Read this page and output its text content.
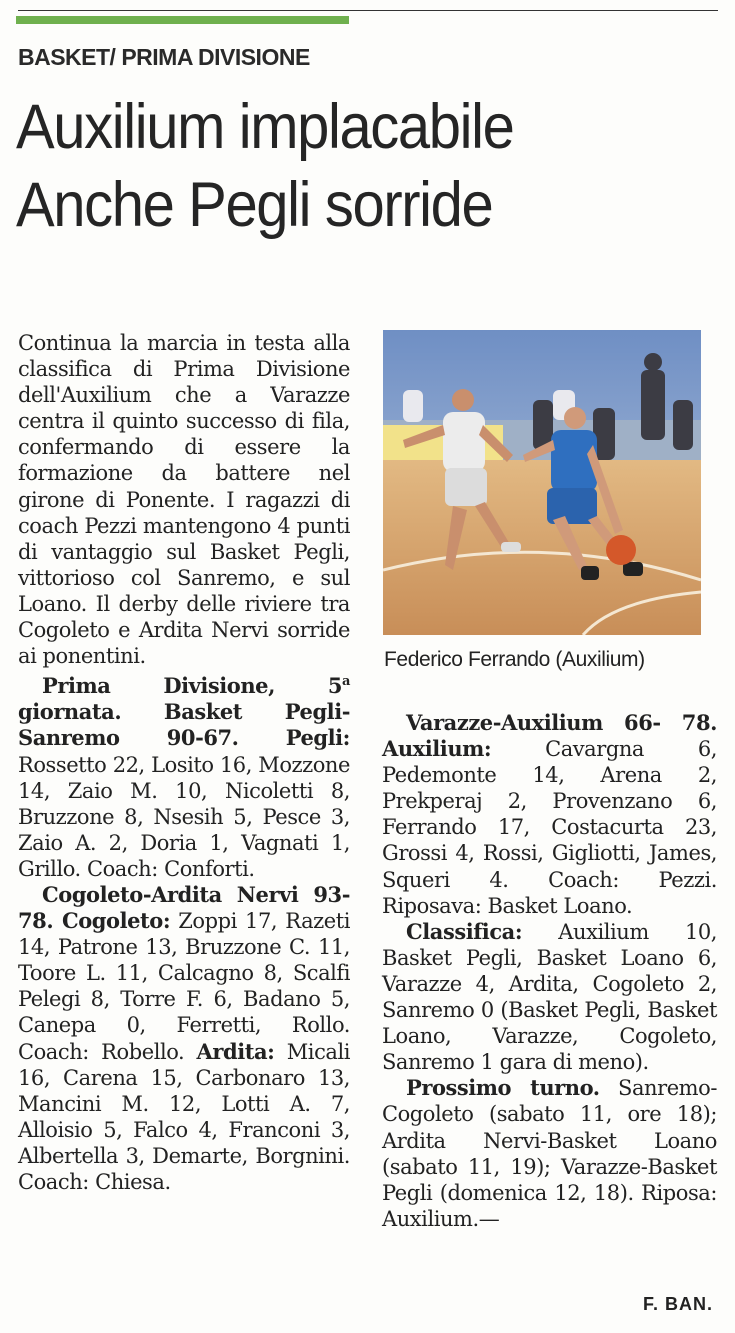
BASKET/ PRIMA DIVISIONE
Auxilium implacabile
Anche Pegli sorride

Continua la marcia in testa alla classifica di Prima Divisione dell'Auxilium che a Varazze centra il quinto successo di fila, confermando di essere la formazione da battere nel girone di Ponente. I ragazzi di coach Pezzi mantengono 4 punti di vantaggio sul Basket Pegli, vittorioso col Sanremo, e sul Loano. Il derby delle riviere tra Cogoleto e Ardita Nervi sorride ai ponentini.

Prima Divisione, 5$^a$ giornata. Basket Pegli-Sanremo 90-67. Pegli: Rossetto 22, Losito 16, Mozzone 14, Zaio M. 10, Nicoletti 8, Bruzzone 8, Nsesih 5, Pesce 3, Zaio A. 2, Doria 1, Vagnati 1, Grillo. Coach: Conforti.

Cogoleto-Ardita Nervi 93-78. Cogoleto: Zoppi 17, Razeti 14, Patrone 13, Bruzzone C. 11, Toore L. 11, Calcagno 8, Scalfi Pelegi 8, Torre F. 6, Badano 5, Canepa 0, Ferretti, Rollo. Coach: Robello. Ardita: Micali 16, Carena 15, Carbonaro 13, Mancini M. 12, Lotti A. 7, Alloisio 5, Falco 4, Franconi 3, Albertella 3, Demarte, Borgnini. Coach: Chiesa.

Federico Ferrando (Auxilium)

Varazze-Auxilium 66- 78. Auxilium: Cavargna 6, Pedemonte 14, Arena 2, Prekperaj 2, Provenzano 6, Ferrando 17, Costacurta 23, Grossi 4, Rossi, Gigliotti, James, Squeri 4. Coach: Pezzi. Riposava: Basket Loano.

Classifica: Auxilium 10, Basket Pegli, Basket Loano 6, Varazze 4, Ardita, Cogoleto 2, Sanremo 0 (Basket Pegli, Basket Loano, Varazze, Cogoleto, Sanremo 1 gara di meno).

Prossimo turno. Sanremo-Cogoleto (sabato 11, ore 18); Ardita Nervi-Basket Loano (sabato 11, 19); Varazze-Basket Pegli (domenica 12, 18). Riposa: Auxilium.—

F. BAN.
